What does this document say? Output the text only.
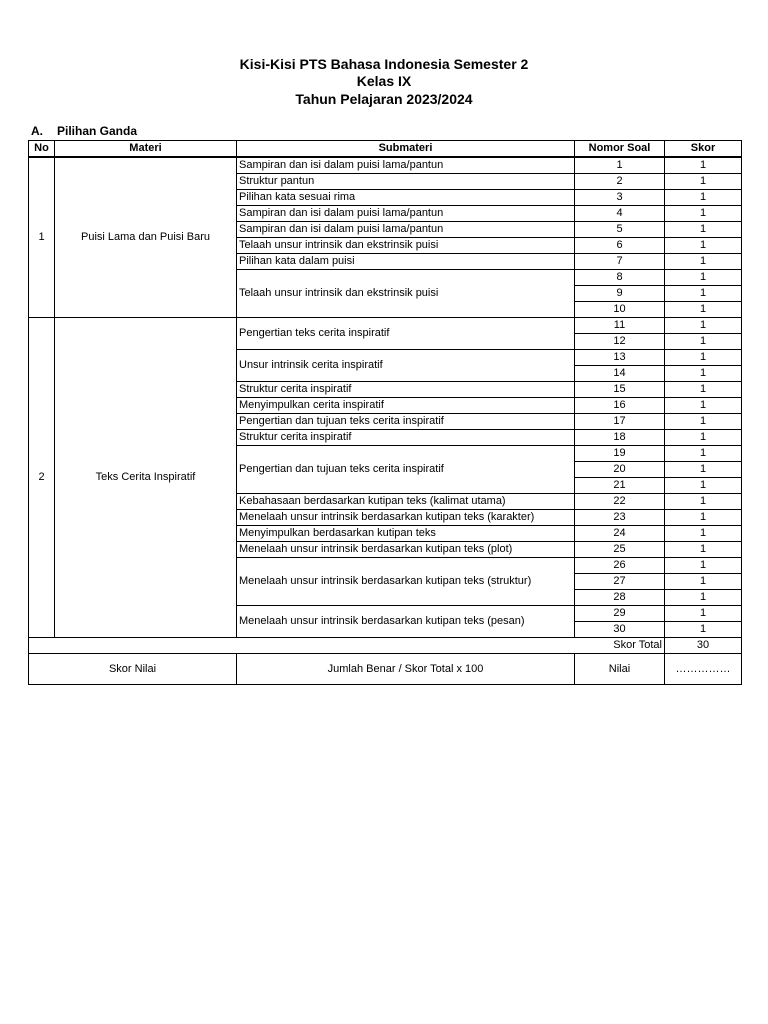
Kisi-Kisi PTS Bahasa Indonesia Semester 2
Kelas IX
Tahun Pelajaran 2023/2024
A. Pilihan Ganda
No	Materi	Submateri	Nomor Soal	Skor
1	Puisi Lama dan Puisi Baru	Sampiran dan isi dalam puisi lama/pantun	1	1
		Struktur pantun	2	1
		Pilihan kata sesuai rima	3	1
		Sampiran dan isi dalam puisi lama/pantun	4	1
		Sampiran dan isi dalam puisi lama/pantun	5	1
		Telaah unsur intrinsik dan ekstrinsik puisi	6	1
		Pilihan kata dalam puisi	7	1
		Telaah unsur intrinsik dan ekstrinsik puisi	8	1
			9	1
			10	1
2	Teks Cerita Inspiratif	Pengertian teks cerita inspiratif	11	1
			12	1
		Unsur intrinsik cerita inspiratif	13	1
			14	1
		Struktur cerita inspiratif	15	1
		Menyimpulkan cerita inspiratif	16	1
		Pengertian dan tujuan teks cerita inspiratif	17	1
		Struktur cerita inspiratif	18	1
		Pengertian dan tujuan teks cerita inspiratif	19	1
			20	1
			21	1
		Kebahasaan berdasarkan kutipan teks (kalimat utama)	22	1
		Menelaah unsur intrinsik berdasarkan kutipan teks (karakter)	23	1
		Menyimpulkan berdasarkan kutipan teks	24	1
		Menelaah unsur intrinsik berdasarkan kutipan teks (plot)	25	1
		Menelaah unsur intrinsik berdasarkan kutipan teks (struktur)	26	1
			27	1
			28	1
		Menelaah unsur intrinsik berdasarkan kutipan teks (pesan)	29	1
			30	1
			Skor Total	30
Skor Nilai		Jumlah Benar / Skor Total x 100	Nilai	……………
